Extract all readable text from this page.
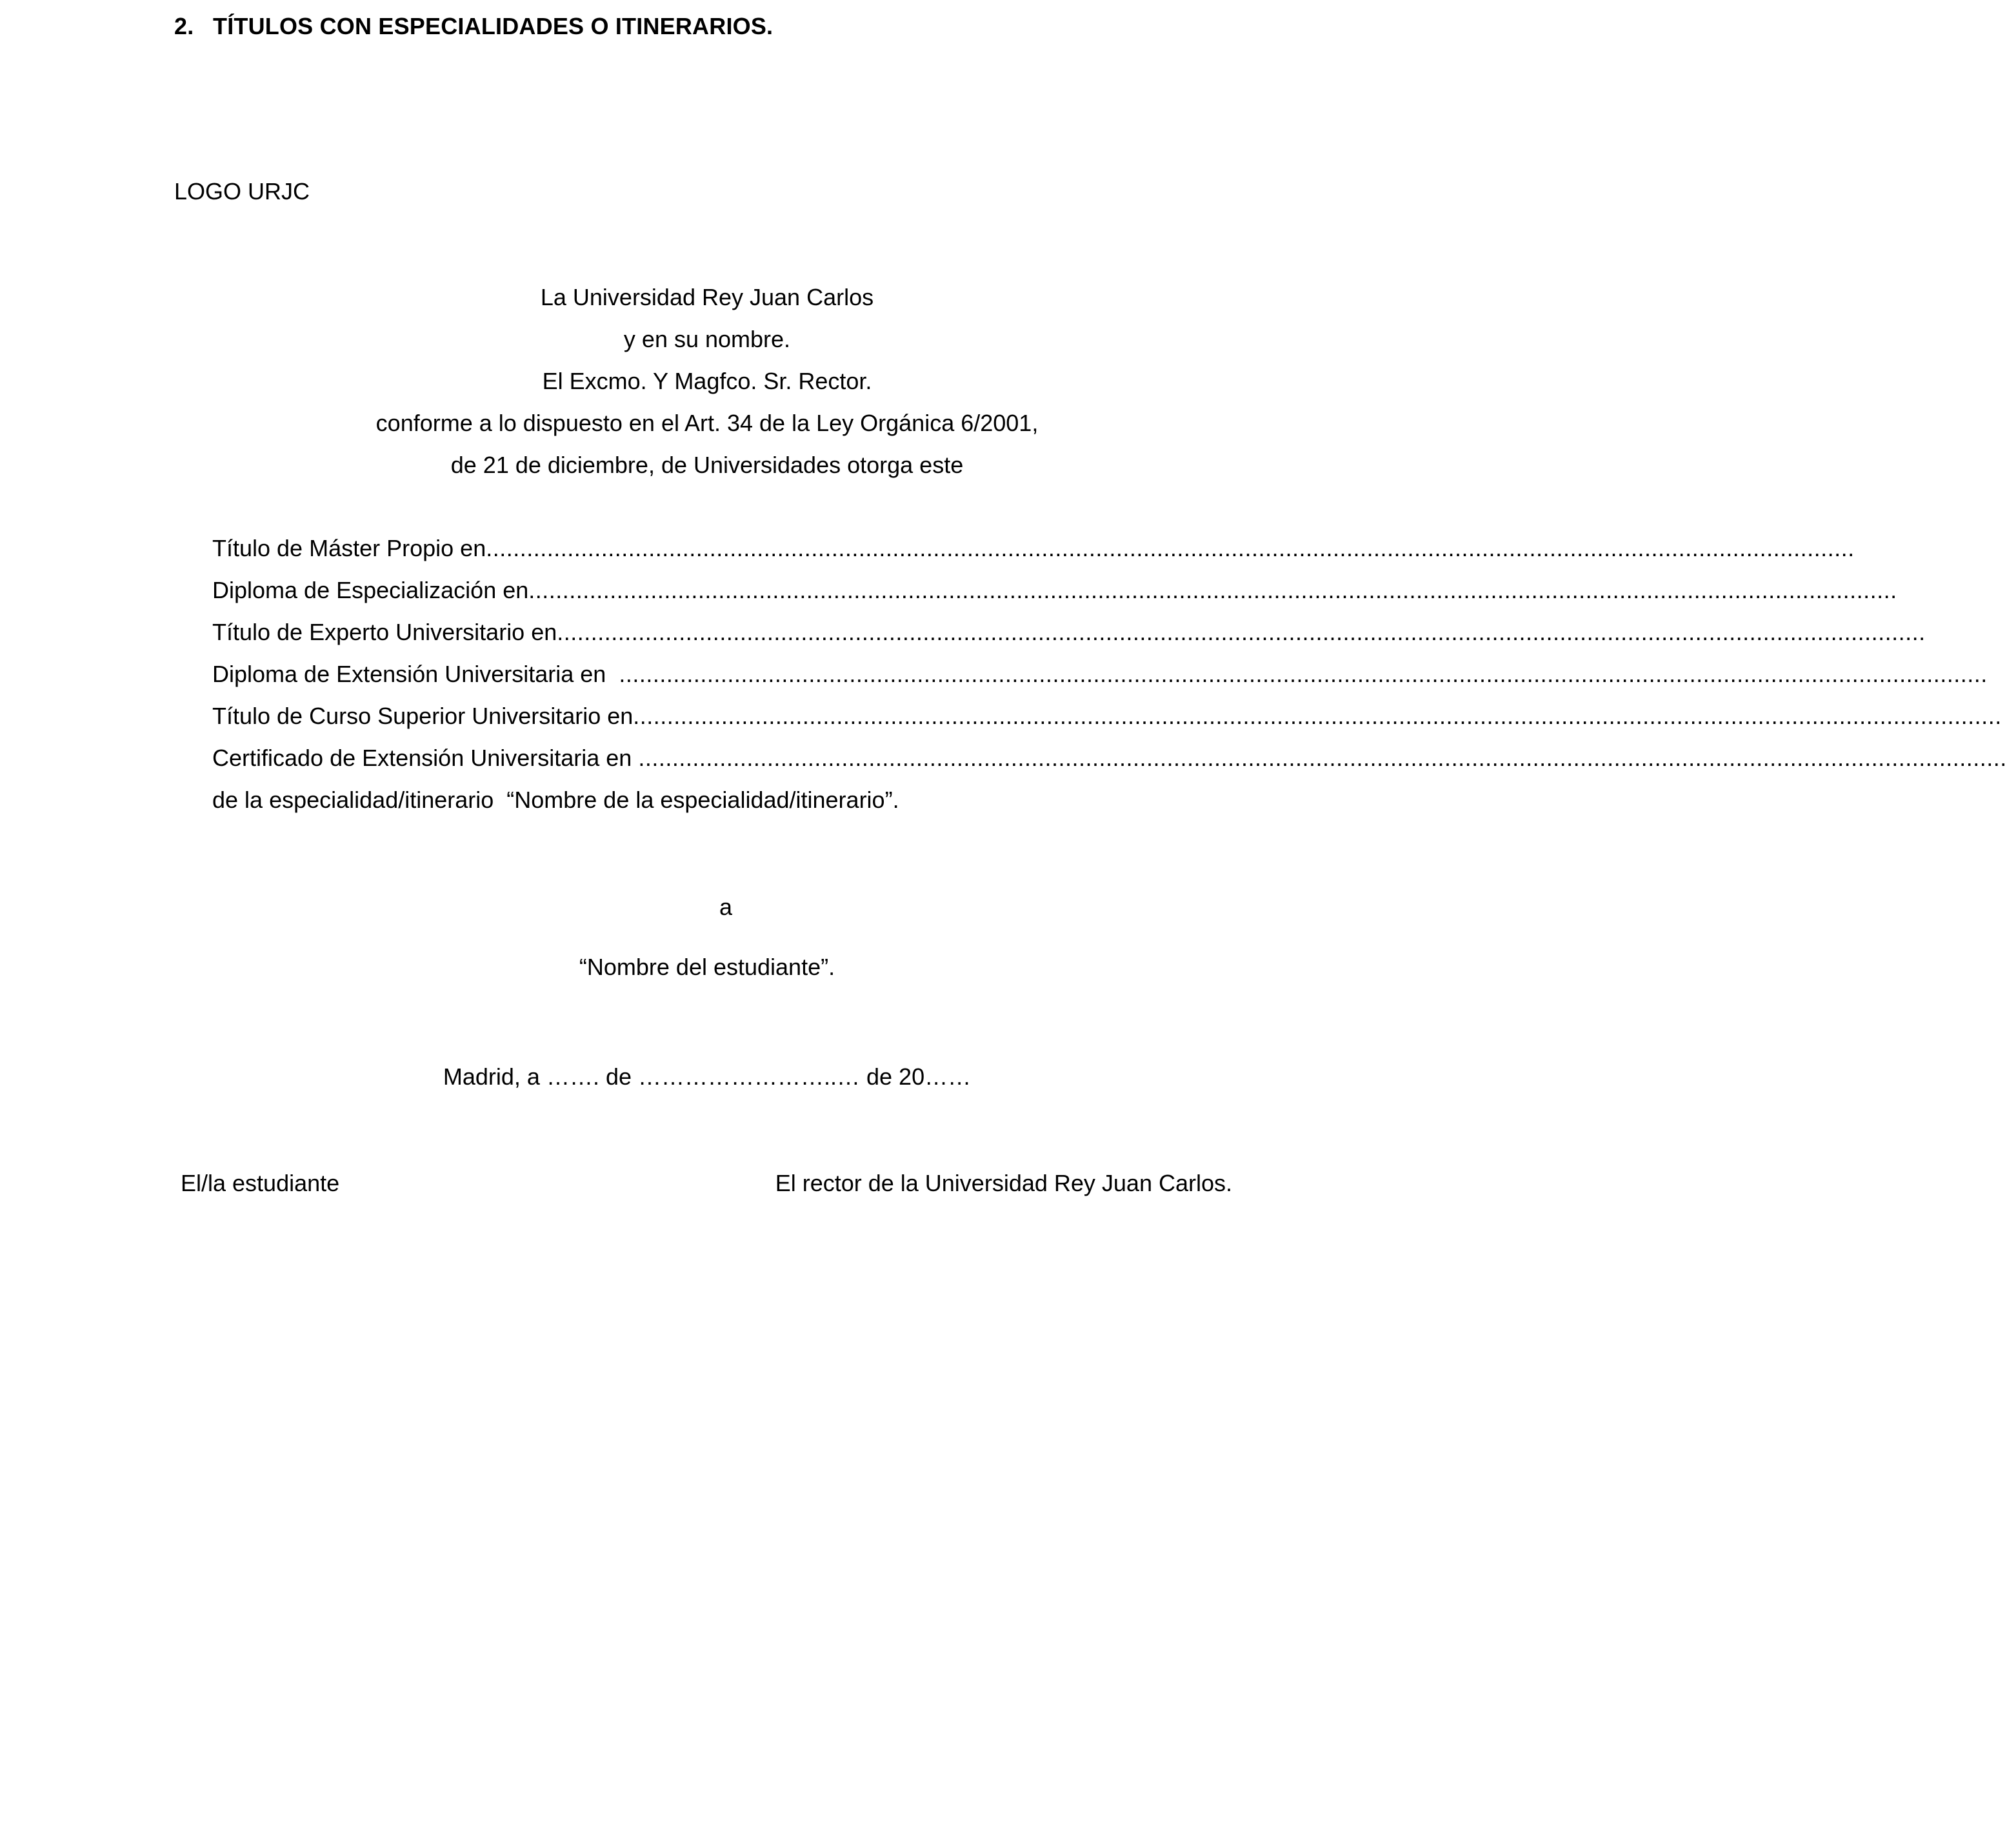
2. TÍTULOS CON ESPECIALIDADES O ITINERARIOS.
LOGO URJC
La Universidad Rey Juan Carlos
y en su nombre.
El Excmo. Y Magfco. Sr. Rector.
conforme a lo dispuesto en el Art. 34 de la Ley Orgánica 6/2001,
de 21 de diciembre, de Universidades otorga este
Título de Máster Propio en ..........................................................................................................................................................................................................
Diploma de Especialización en ..........................................................................................................................................................................................................
Título de Experto Universitario en ..........................................................................................................................................................................................................
Diploma de Extensión Universitaria en ..........................................................................................................................................................................................................
Título de Curso Superior Universitario en ..........................................................................................................................................................................................................
Certificado de Extensión Universitaria en ..........................................................................................................................................................................................................
de la especialidad/itinerario  “Nombre de la especialidad/itinerario”.
a
“Nombre del estudiante”.
Madrid, a ……. de ……………………..… de 20……
El/la estudiante	El rector de la Universidad Rey Juan Carlos.
